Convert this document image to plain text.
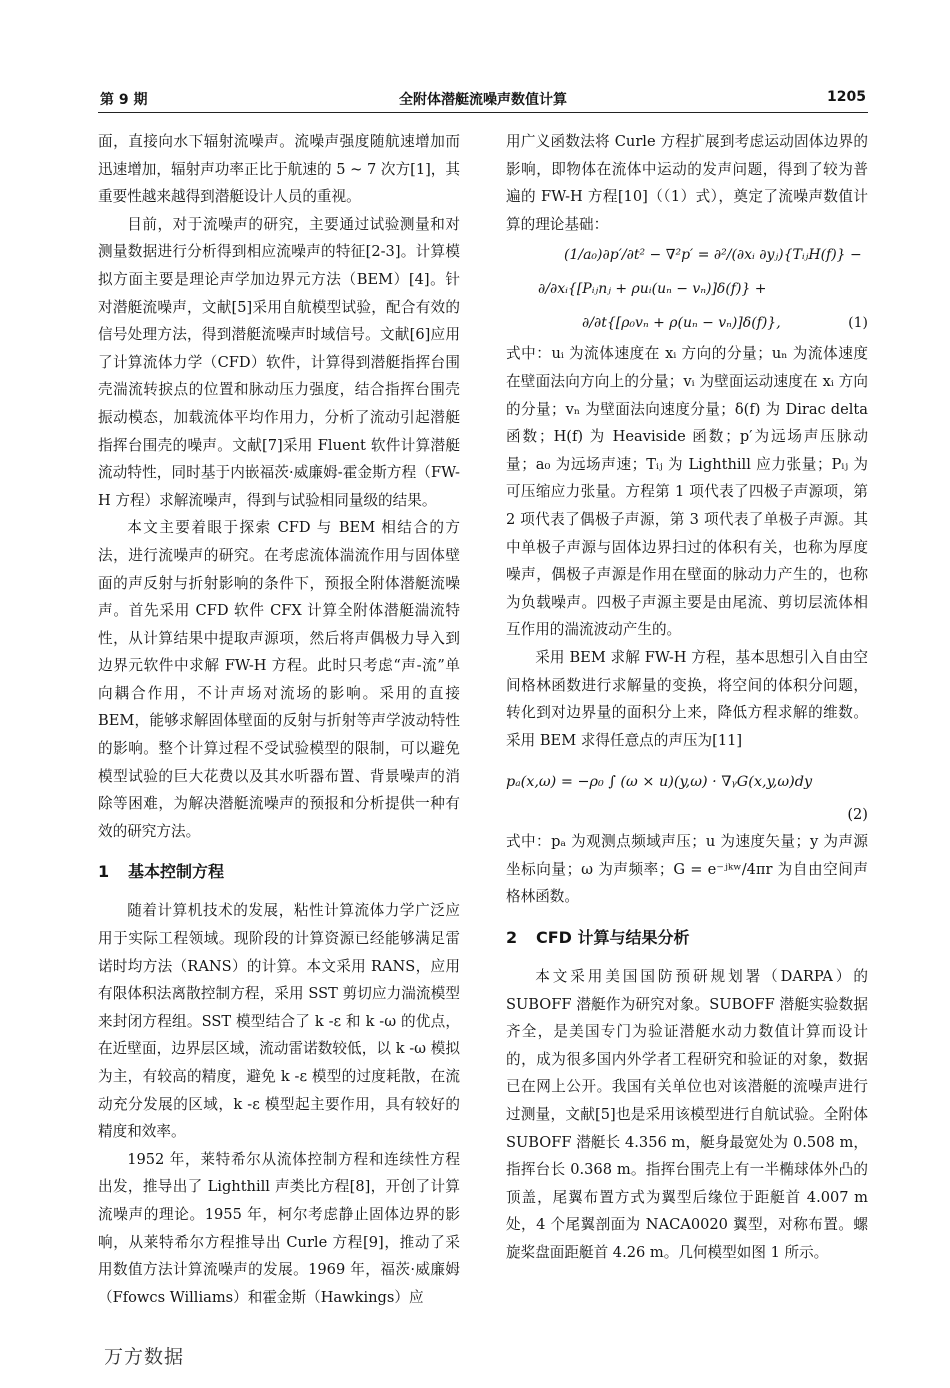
第 9 期	全附体潜艇流噪声数值计算	1205

面，直接向水下辐射流噪声。流噪声强度随航速增加而迅速增加，辐射声功率正比于航速的 5 ~ 7 次方[1]，其重要性越来越得到潜艇设计人员的重视。

目前，对于流噪声的研究，主要通过试验测量和对测量数据进行分析得到相应流噪声的特征[2-3]。计算模拟方面主要是理论声学加边界元方法（BEM）[4]。针对潜艇流噪声，文献[5]采用自航模型试验，配合有效的信号处理方法，得到潜艇流噪声时域信号。文献[6]应用了计算流体力学（CFD）软件，计算得到潜艇指挥台围壳湍流转捩点的位置和脉动压力强度，结合指挥台围壳振动模态，加载流体平均作用力，分析了流动引起潜艇指挥台围壳的噪声。文献[7]采用 Fluent 软件计算潜艇流动特性，同时基于内嵌福茨·威廉姆-霍金斯方程（FW-H 方程）求解流噪声，得到与试验相同量级的结果。

本文主要着眼于探索 CFD 与 BEM 相结合的方法，进行流噪声的研究。在考虑流体湍流作用与固体壁面的声反射与折射影响的条件下，预报全附体潜艇流噪声。首先采用 CFD 软件 CFX 计算全附体潜艇湍流特性，从计算结果中提取声源项，然后将声偶极力导入到边界元软件中求解 FW-H 方程。此时只考虑“声-流”单向耦合作用，不计声场对流场的影响。采用的直接 BEM，能够求解固体壁面的反射与折射等声学波动特性的影响。整个计算过程不受试验模型的限制，可以避免模型试验的巨大花费以及其水听器布置、背景噪声的消除等困难，为解决潜艇流噪声的预报和分析提供一种有效的研究方法。

1 基本控制方程

随着计算机技术的发展，粘性计算流体力学广泛应用于实际工程领域。现阶段的计算资源已经能够满足雷诺时均方法（RANS）的计算。本文采用 RANS，应用有限体积法离散控制方程，采用 SST 剪切应力湍流模型来封闭方程组。SST 模型结合了 k -ε 和 k -ω 的优点，在近壁面，边界层区域，流动雷诺数较低，以 k -ω 模拟为主，有较高的精度，避免 k -ε 模型的过度耗散，在流动充分发展的区域，k -ε 模型起主要作用，具有较好的精度和效率。

1952 年，莱特希尔从流体控制方程和连续性方程出发，推导出了 Lighthill 声类比方程[8]，开创了计算流噪声的理论。1955 年，柯尔考虑静止固体边界的影响，从莱特希尔方程推导出 Curle 方程[9]，推动了采用数值方法计算流噪声的发展。1969 年，福茨·威廉姆（Ffowcs Williams）和霍金斯（Hawkings）应

用广义函数法将 Curle 方程扩展到考虑运动固体边界的影响，即物体在流体中运动的发声问题，得到了较为普遍的 FW-H 方程[10]（（1）式），奠定了流噪声数值计算的理论基础：

(1/a₀)∂p′/∂t² − ∇²p′ = ∂²/(∂xᵢ ∂yⱼ){TᵢⱼH(f)} −
∂/∂xᵢ{[Pᵢⱼnⱼ + ρuᵢ(uₙ − vₙ)]δ(f)} +
∂/∂t{[ρ₀vₙ + ρ(uₙ − vₙ)]δ(f)},	(1)

式中：uᵢ 为流体速度在 xᵢ 方向的分量；uₙ 为流体速度在壁面法向方向上的分量；vᵢ 为壁面运动速度在 xᵢ 方向的分量；vₙ 为壁面法向速度分量；δ(f) 为 Dirac delta 函数；H(f) 为 Heaviside 函数；p′为远场声压脉动量；a₀ 为远场声速；Tᵢⱼ 为 Lighthill 应力张量；Pᵢⱼ 为可压缩应力张量。方程第 1 项代表了四极子声源项，第 2 项代表了偶极子声源，第 3 项代表了单极子声源。其中单极子声源与固体边界扫过的体积有关，也称为厚度噪声，偶极子声源是作用在壁面的脉动力产生的，也称为负载噪声。四极子声源主要是由尾流、剪切层流体相互作用的湍流波动产生的。

采用 BEM 求解 FW-H 方程，基本思想引入自由空间格林函数进行求解量的变换，将空间的体积分问题，转化到对边界量的面积分上来，降低方程求解的维数。采用 BEM 求得任意点的声压为[11]

pₐ(x,ω) = −ρ₀ ∫ (ω × u)(y,ω) · ∇ᵧG(x,y,ω)dy
(2)

式中：pₐ 为观测点频域声压；u 为速度矢量；y 为声源坐标向量；ω 为声频率；G = e⁻ʲᵏʷ/4πr 为自由空间声格林函数。

2 CFD 计算与结果分析

本文采用美国国防预研规划署（DARPA）的 SUBOFF 潜艇作为研究对象。SUBOFF 潜艇实验数据齐全，是美国专门为验证潜艇水动力数值计算而设计的，成为很多国内外学者工程研究和验证的对象，数据已在网上公开。我国有关单位也对该潜艇的流噪声进行过测量，文献[5]也是采用该模型进行自航试验。全附体 SUBOFF 潜艇长 4.356 m，艇身最宽处为 0.508 m，指挥台长 0.368 m。指挥台围壳上有一半椭球体外凸的顶盖，尾翼布置方式为翼型后缘位于距艇首 4.007 m 处，4 个尾翼剖面为 NACA0020 翼型，对称布置。螺旋桨盘面距艇首 4.26 m。几何模型如图 1 所示。

万方数据
